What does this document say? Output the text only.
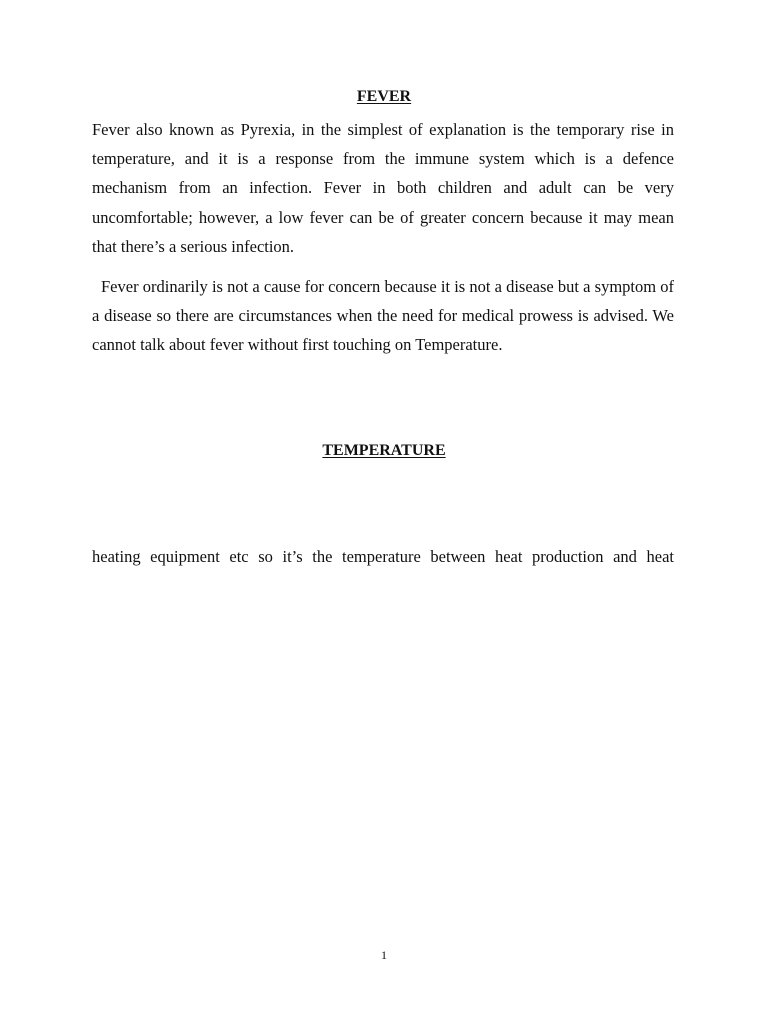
FEVER

Fever also known as Pyrexia, in the simplest of explanation is the temporary rise in temperature, and it is a response from the immune system which is a defence mechanism from an infection. Fever in both children and adult can be very uncomfortable; however, a low fever can be of greater concern because it may mean that there’s a serious infection.

Fever ordinarily is not a cause for concern because it is not a disease but a symptom of a disease so there are circumstances when the need for medical prowess is advised. We cannot talk about fever without first touching on Temperature.

TEMPERATURE

heating equipment etc so it’s the temperature between heat production and heat

1
